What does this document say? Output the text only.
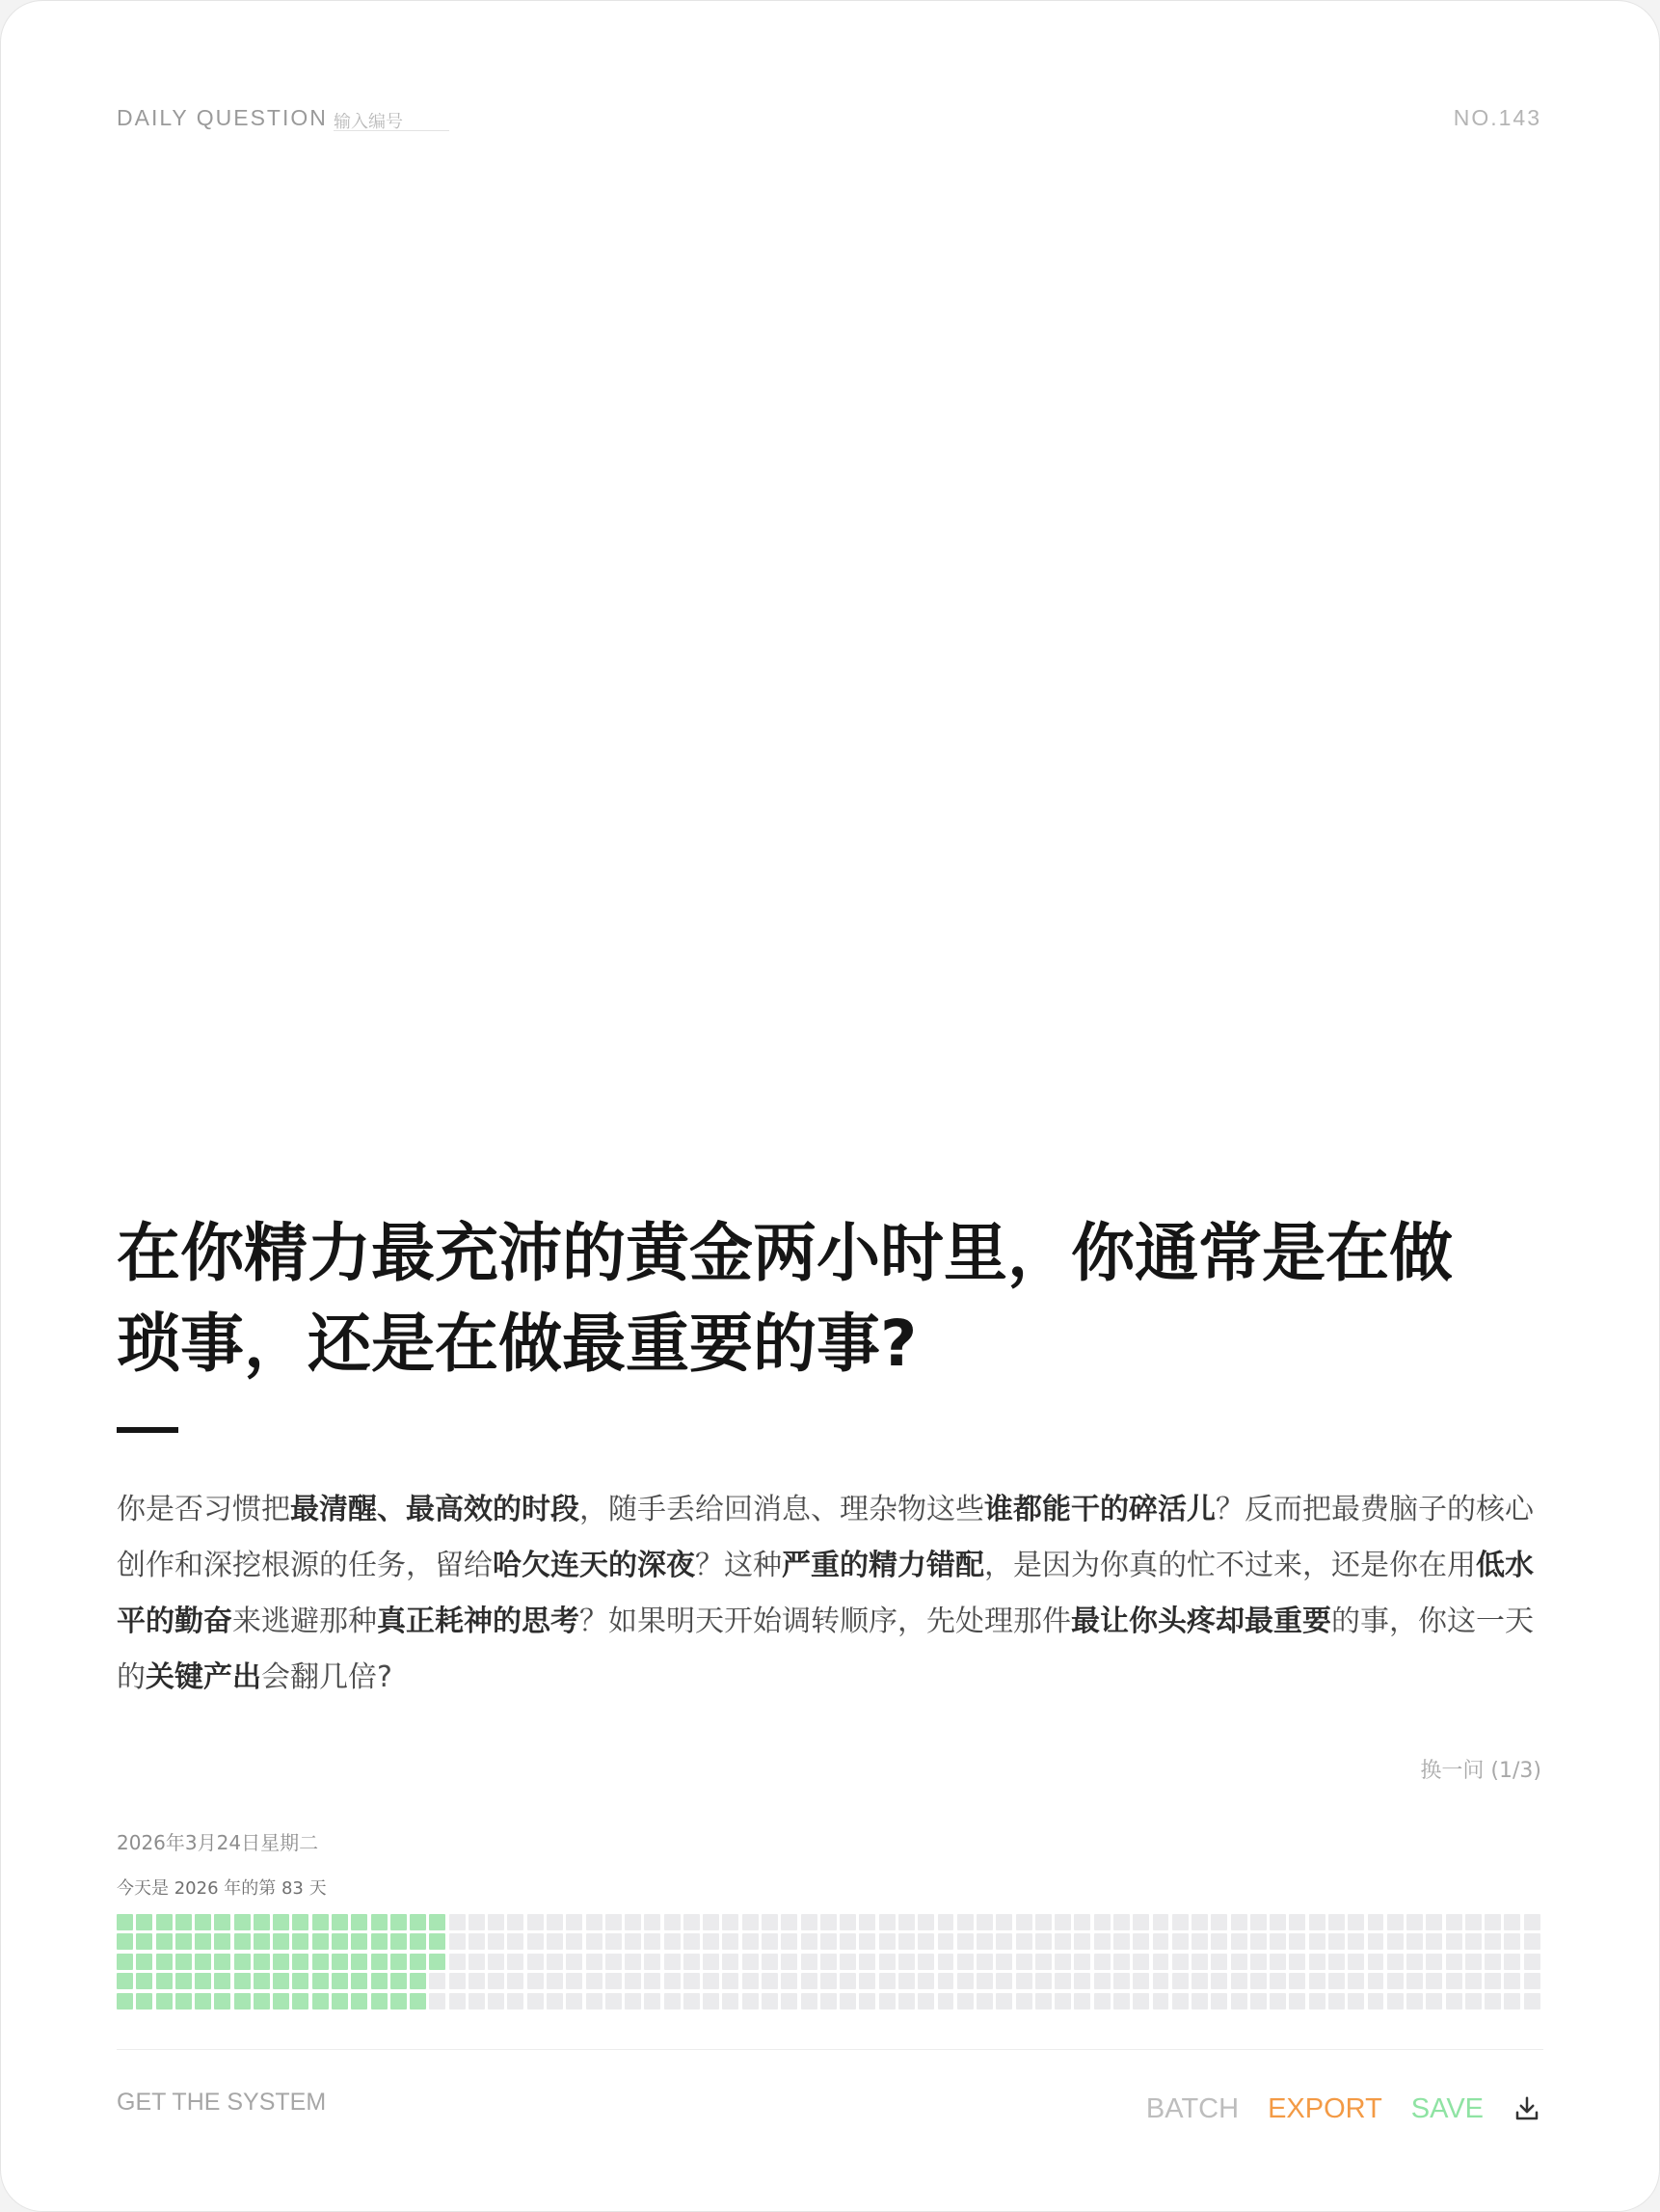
DAILY QUESTION
输入编号	NO.143
在你精力最充沛的黄金两小时里，你通常是在做
琐事，还是在做最重要的事?

你是否习惯把最清醒、最高效的时段，随手丢给回消息、理杂物这些谁都能干的碎活儿？反而把最费脑子的核心创作和深挖根源的任务，留给哈欠连天的深夜？这种严重的精力错配，是因为你真的忙不过来，还是你在用低水平的勤奋来逃避那种真正耗神的思考？如果明天开始调转顺序，先处理那件最让你头疼却最重要的事，你这一天的关键产出会翻几倍?

换一问 (1/3)
2026年3月24日星期二
今天是 2026 年的第 83 天
GET THE SYSTEM	BATCH EXPORT SAVE
